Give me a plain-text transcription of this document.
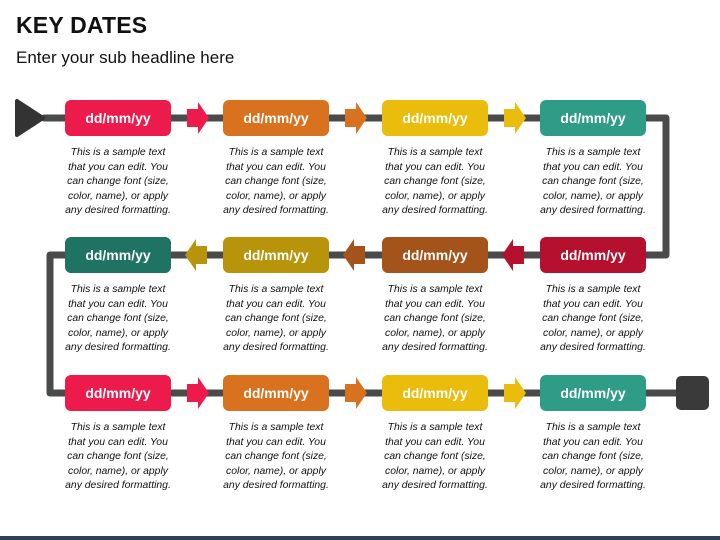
KEY DATES
Enter your sub headline here
dd/mm/yy
This is a sample text
that you can edit. You
can change font (size,
color, name), or apply
any desired formatting.
dd/mm/yy
This is a sample text
that you can edit. You
can change font (size,
color, name), or apply
any desired formatting.
dd/mm/yy
This is a sample text
that you can edit. You
can change font (size,
color, name), or apply
any desired formatting.
dd/mm/yy
This is a sample text
that you can edit. You
can change font (size,
color, name), or apply
any desired formatting.
dd/mm/yy
This is a sample text
that you can edit. You
can change font (size,
color, name), or apply
any desired formatting.
dd/mm/yy
This is a sample text
that you can edit. You
can change font (size,
color, name), or apply
any desired formatting.
dd/mm/yy
This is a sample text
that you can edit. You
can change font (size,
color, name), or apply
any desired formatting.
dd/mm/yy
This is a sample text
that you can edit. You
can change font (size,
color, name), or apply
any desired formatting.
dd/mm/yy
This is a sample text
that you can edit. You
can change font (size,
color, name), or apply
any desired formatting.
dd/mm/yy
This is a sample text
that you can edit. You
can change font (size,
color, name), or apply
any desired formatting.
dd/mm/yy
This is a sample text
that you can edit. You
can change font (size,
color, name), or apply
any desired formatting.
dd/mm/yy
This is a sample text
that you can edit. You
can change font (size,
color, name), or apply
any desired formatting.
